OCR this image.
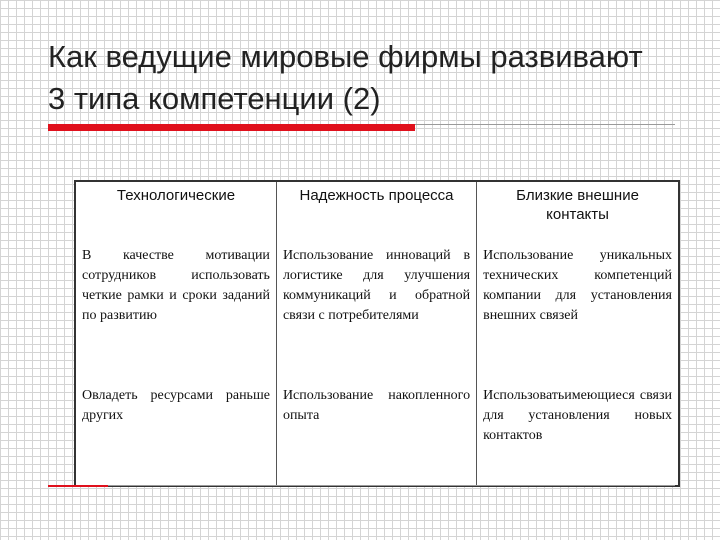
Как ведущие мировые фирмы развивают
3 типа компетенции (2)
Технологические	Надежность процесса	Близкие внешние контакты
В качестве мотивации сотрудников использовать четкие рамки и сроки заданий по развитию	Использование инноваций в логистике для улучшения коммуникаций и обратной связи с потребителями	Использование уникальных технических компетенций компании для установления внешних связей
Овладеть ресурсами раньше других	Использование накопленного опыта	Использоватьимеющиеся связи для установления новых контактов
